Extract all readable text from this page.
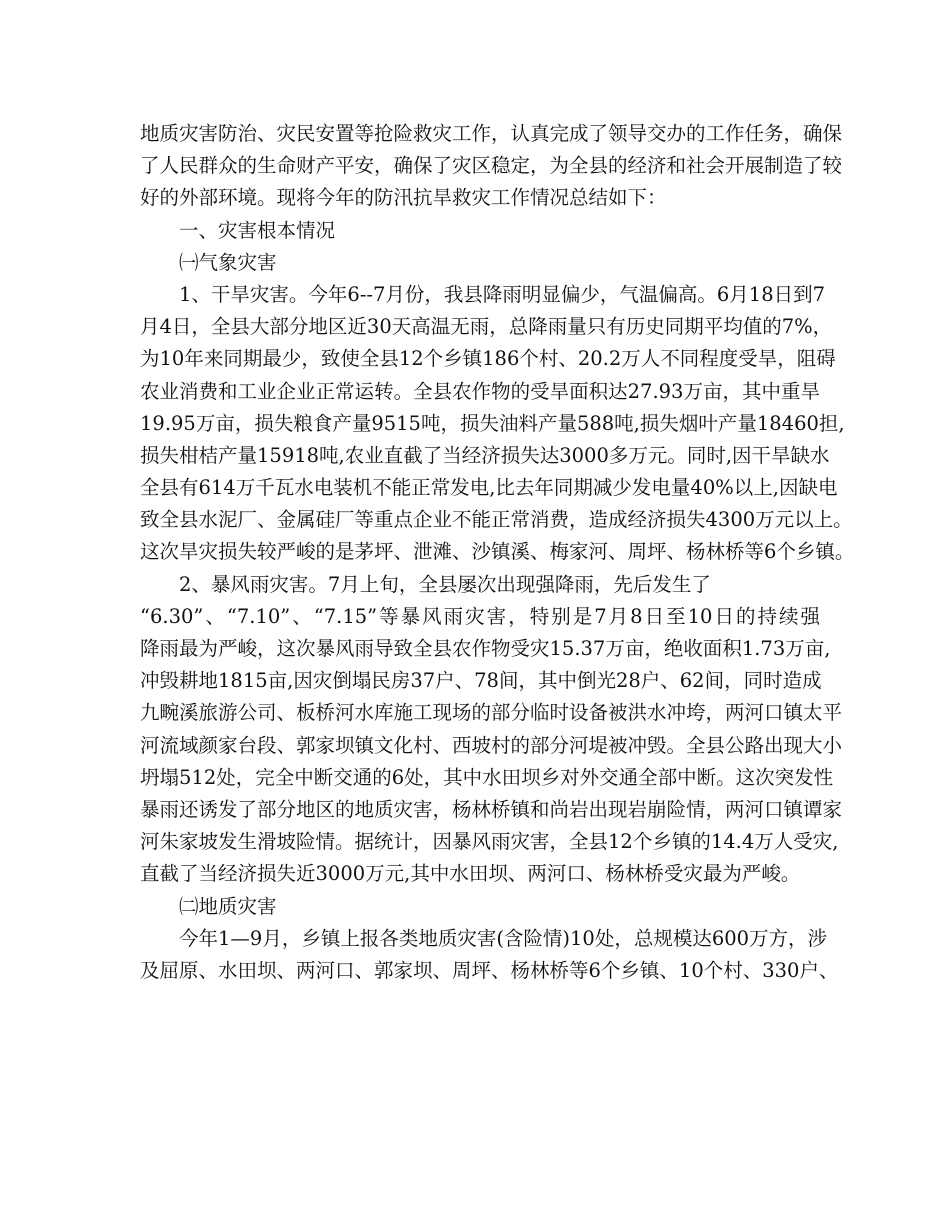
地质灾害防治、灾民安置等抢险救灾工作，认真完成了领导交办的工作任务，确保
了人民群众的生命财产平安，确保了灾区稳定，为全县的经济和社会开展制造了较
好的外部环境。现将今年的防汛抗旱救灾工作情况总结如下：
一、灾害根本情况
㈠气象灾害
1、干旱灾害。今年6--7月份，我县降雨明显偏少，气温偏高。6月18日到7
月4日，全县大部分地区近30天高温无雨，总降雨量只有历史同期平均值的7%，
为10年来同期最少，致使全县12个乡镇186个村、20.2万人不同程度受旱，阻碍
农业消费和工业企业正常运转。全县农作物的受旱面积达27.93万亩，其中重旱
19.95万亩，损失粮食产量9515吨，损失油料产量588吨,损失烟叶产量18460担,
损失柑桔产量15918吨,农业直截了当经济损失达3000多万元。同时,因干旱缺水
全县有614万千瓦水电装机不能正常发电,比去年同期减少发电量40%以上,因缺电
致全县水泥厂、金属硅厂等重点企业不能正常消费，造成经济损失4300万元以上。
这次旱灾损失较严峻的是茅坪、泄滩、沙镇溪、梅家河、周坪、杨林桥等6个乡镇。
2、暴风雨灾害。7月上旬，全县屡次出现强降雨，先后发生了
“6.30”、“7.10”、“7.15”等暴风雨灾害，特别是7月8日至10日的持续强
降雨最为严峻，这次暴风雨导致全县农作物受灾15.37万亩，绝收面积1.73万亩,
冲毁耕地1815亩,因灾倒塌民房37户、78间，其中倒光28户、62间，同时造成
九畹溪旅游公司、板桥河水库施工现场的部分临时设备被洪水冲垮，两河口镇太平
河流域颜家台段、郭家坝镇文化村、西坡村的部分河堤被冲毁。全县公路出现大小
坍塌512处，完全中断交通的6处，其中水田坝乡对外交通全部中断。这次突发性
暴雨还诱发了部分地区的地质灾害，杨林桥镇和尚岩出现岩崩险情，两河口镇谭家
河朱家坡发生滑坡险情。据统计，因暴风雨灾害，全县12个乡镇的14.4万人受灾,
直截了当经济损失近3000万元,其中水田坝、两河口、杨林桥受灾最为严峻。
㈡地质灾害
今年1—9月，乡镇上报各类地质灾害(含险情)10处，总规模达600万方，涉
及屈原、水田坝、两河口、郭家坝、周坪、杨林桥等6个乡镇、10个村、330户、
